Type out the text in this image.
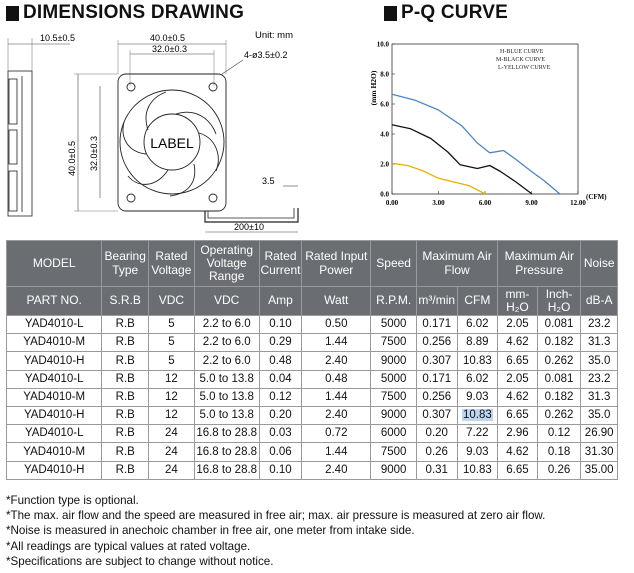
DIMENSIONS DRAWING	P-Q CURVE
10.5±0.5	40.0±0.5
32.0±0.3
Unit: mm
4-ø3.5±0.2
40.0±0.5 32.0±0.3	LABEL
3.5
200±10
0.0
2.0
4.0
6.0
8.0
10.0
0.00	3.00	6.00	9.00	12.00
(mm H2O)
(CFM)
H-BLUE CURVE
M-BLACK CURVE
L-YELLOW CURVE
MODEL	Bearing Type	Rated Voltage	Operating Voltage Range	Rated Current	Rated Input Power	Speed	Maximum Air Flow		Maximum Air Pressure		Noise
PART NO.	S.R.B	VDC	VDC	Amp	Watt	R.P.M.	m³/min	CFM	mm-H₂O	Inch-H₂O	dB-A
YAD4010-L	R.B	5	2.2 to 6.0	0.10	0.50	5000	0.171	6.02	2.05	0.081	23.2
YAD4010-M	R.B	5	2.2 to 6.0	0.29	1.44	7500	0.256	8.89	4.62	0.182	31.3
YAD4010-H	R.B	5	2.2 to 6.0	0.48	2.40	9000	0.307	10.83	6.65	0.262	35.0
YAD4010-L	R.B	12	5.0 to 13.8	0.04	0.48	5000	0.171	6.02	2.05	0.081	23.2
YAD4010-M	R.B	12	5.0 to 13.8	0.12	1.44	7500	0.256	9.03	4.62	0.182	31.3
YAD4010-H	R.B	12	5.0 to 13.8	0.20	2.40	9000	0.307	10.83	6.65	0.262	35.0
YAD4010-L	R.B	24	16.8 to 28.8	0.03	0.72	6000	0.20	7.22	2.96	0.12	26.90
YAD4010-M	R.B	24	16.8 to 28.8	0.06	1.44	7500	0.26	9.03	4.62	0.18	31.30
YAD4010-H	R.B	24	16.8 to 28.8	0.10	2.40	9000	0.31	10.83	6.65	0.26	35.00
*Function type is optional.
*The max. air flow and the speed are measured in free air; max. air pressure is measured at zero air flow.
*Noise is measured in anechoic chamber in free air, one meter from intake side.
*All readings are typical values at rated voltage.
*Specifications are subject to change without notice.
